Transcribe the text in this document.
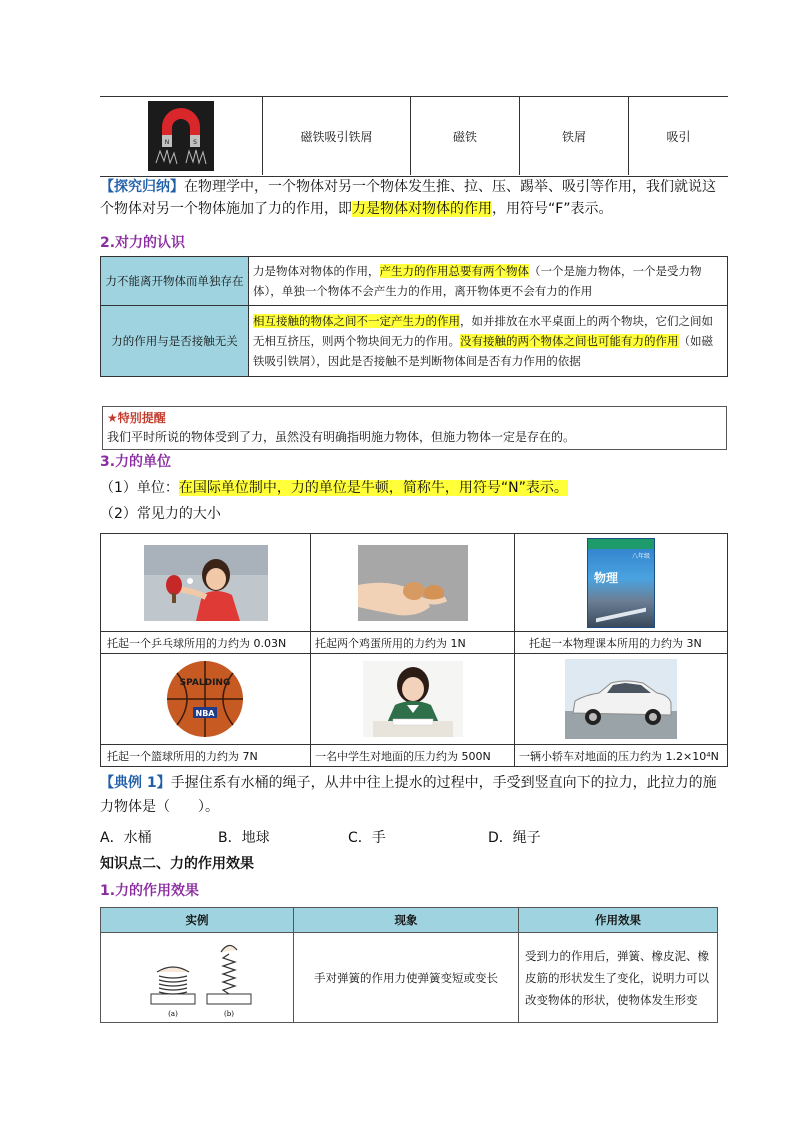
N	S	磁铁吸引铁屑	磁铁	铁屑	吸引
【探究归纳】在物理学中，一个物体对另一个物体发生推、拉、压、踢举、吸引等作用，我们就说这个物体对另一个物体施加了力的作用，即力是物体对物体的作用，用符号“F”表示。
2.对力的认识
力不能离开物体而单独存在	力是物体对物体的作用，产生力的作用总要有两个物体（一个是施力物体，一个是受力物体），单独一个物体不会产生力的作用，离开物体更不会有力的作用
力的作用与是否接触无关	相互接触的物体之间不一定产生力的作用，如并排放在水平桌面上的两个物块，它们之间如无相互挤压，则两个物块间无力的作用。没有接触的两个物体之间也可能有力的作用（如磁铁吸引铁屑），因此是否接触不是判断物体间是否有力作用的依据
★特别提醒
我们平时所说的物体受到了力，虽然没有明确指明施力物体，但施力物体一定是存在的。
3.力的单位
（1）单位：在国际单位制中，力的单位是牛顿，简称牛，用符号“N”表示。
（2）常见力的大小

八年级
物理

托起一个乒乓球所用的力约为 0.03N	托起两个鸡蛋所用的力约为 1N	托起一本物理课本所用的力约为 3N

SPALDING
NBA

托起一个篮球所用的力约为 7N	一名中学生对地面的压力约为 500N	一辆小轿车对地面的压力约为 1.2×10⁴N
【典例 1】手握住系有水桶的绳子，从井中往上提水的过程中，手受到竖直向下的拉力，此拉力的施力物体是（　　）。
A．水桶	B．地球	C．手	D．绳子
知识点二、力的作用效果
1.力的作用效果
实例	现象	作用效果

(a) (b)	手对弹簧的作用力使弹簧变短或变长	受到力的作用后，弹簧、橡皮泥、橡皮筋的形状发生了变化，说明力可以改变物体的形状，使物体发生形变
